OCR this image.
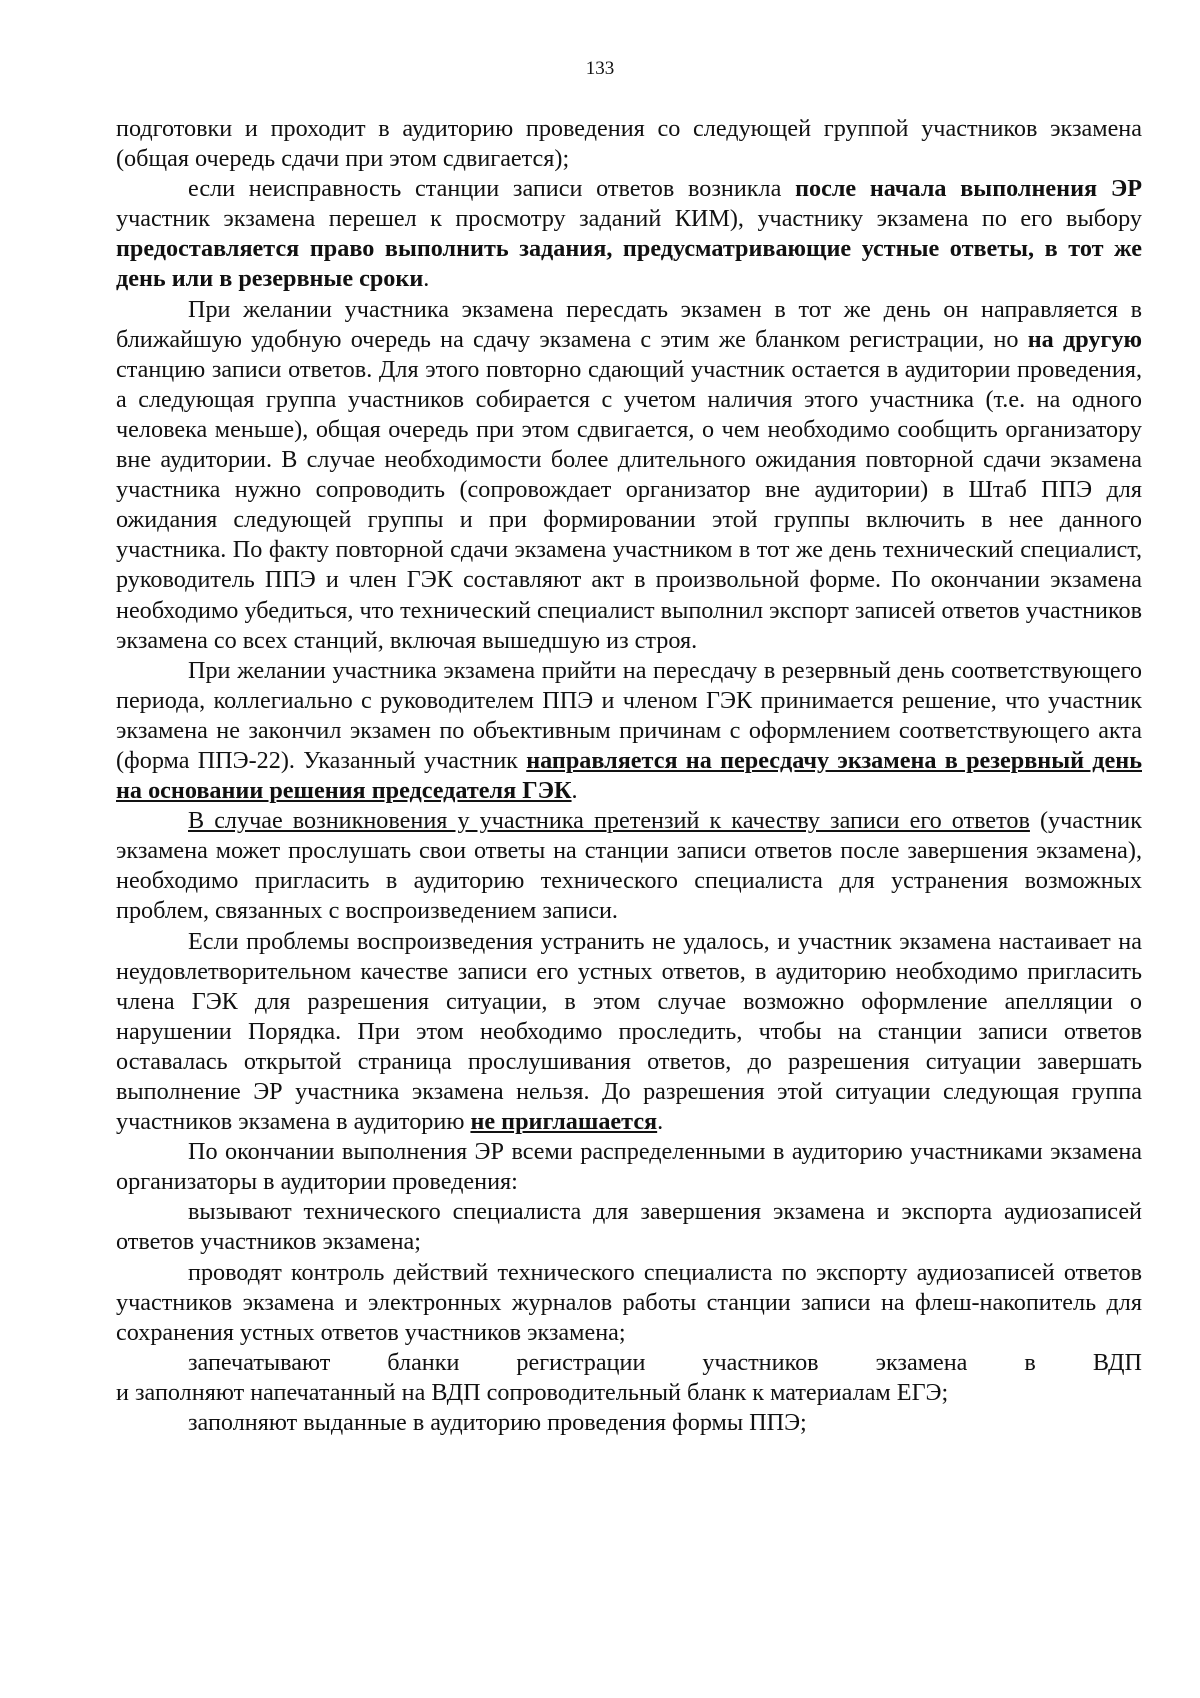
133

подготовки и проходит в аудиторию проведения со следующей группой участников экзамена (общая очередь сдачи при этом сдвигается);

если неисправность станции записи ответов возникла после начала выполнения ЭР участник экзамена перешел к просмотру заданий КИМ), участнику экзамена по его выбору предоставляется право выполнить задания, предусматривающие устные ответы, в тот же день или в резервные сроки.

При желании участника экзамена пересдать экзамен в тот же день он направляется в ближайшую удобную очередь на сдачу экзамена с этим же бланком регистрации, но на другую станцию записи ответов. Для этого повторно сдающий участник остается в аудитории проведения, а следующая группа участников собирается с учетом наличия этого участника (т.е. на одного человека меньше), общая очередь при этом сдвигается, о чем необходимо сообщить организатору вне аудитории. В случае необходимости более длительного ожидания повторной сдачи экзамена участника нужно сопроводить (сопровождает организатор вне аудитории) в Штаб ППЭ для ожидания следующей группы и при формировании этой группы включить в нее данного участника. По факту повторной сдачи экзамена участником в тот же день технический специалист, руководитель ППЭ и член ГЭК составляют акт в произвольной форме. По окончании экзамена необходимо убедиться, что технический специалист выполнил экспорт записей ответов участников экзамена со всех станций, включая вышедшую из строя.

При желании участника экзамена прийти на пересдачу в резервный день соответствующего периода, коллегиально с руководителем ППЭ и членом ГЭК принимается решение, что участник экзамена не закончил экзамен по объективным причинам с оформлением соответствующего акта (форма ППЭ-22). Указанный участник направляется на пересдачу экзамена в резервный день на основании решения председателя ГЭК.

В случае возникновения у участника претензий к качеству записи его ответов (участник экзамена может прослушать свои ответы на станции записи ответов после завершения экзамена), необходимо пригласить в аудиторию технического специалиста для устранения возможных проблем, связанных с воспроизведением записи.

Если проблемы воспроизведения устранить не удалось, и участник экзамена настаивает на неудовлетворительном качестве записи его устных ответов, в аудиторию необходимо пригласить члена ГЭК для разрешения ситуации, в этом случае возможно оформление апелляции о нарушении Порядка. При этом необходимо проследить, чтобы на станции записи ответов оставалась открытой страница прослушивания ответов, до разрешения ситуации завершать выполнение ЭР участника экзамена нельзя. До разрешения этой ситуации следующая группа участников экзамена в аудиторию не приглашается.

По окончании выполнения ЭР всеми распределенными в аудиторию участниками экзамена организаторы в аудитории проведения:

вызывают технического специалиста для завершения экзамена и экспорта аудиозаписей ответов участников экзамена;

проводят контроль действий технического специалиста по экспорту аудиозаписей ответов участников экзамена и электронных журналов работы станции записи на флеш-накопитель для сохранения устных ответов участников экзамена;

запечатывают бланки регистрации участников экзамена в ВДП

и заполняют напечатанный на ВДП сопроводительный бланк к материалам ЕГЭ;

заполняют выданные в аудиторию проведения формы ППЭ;
